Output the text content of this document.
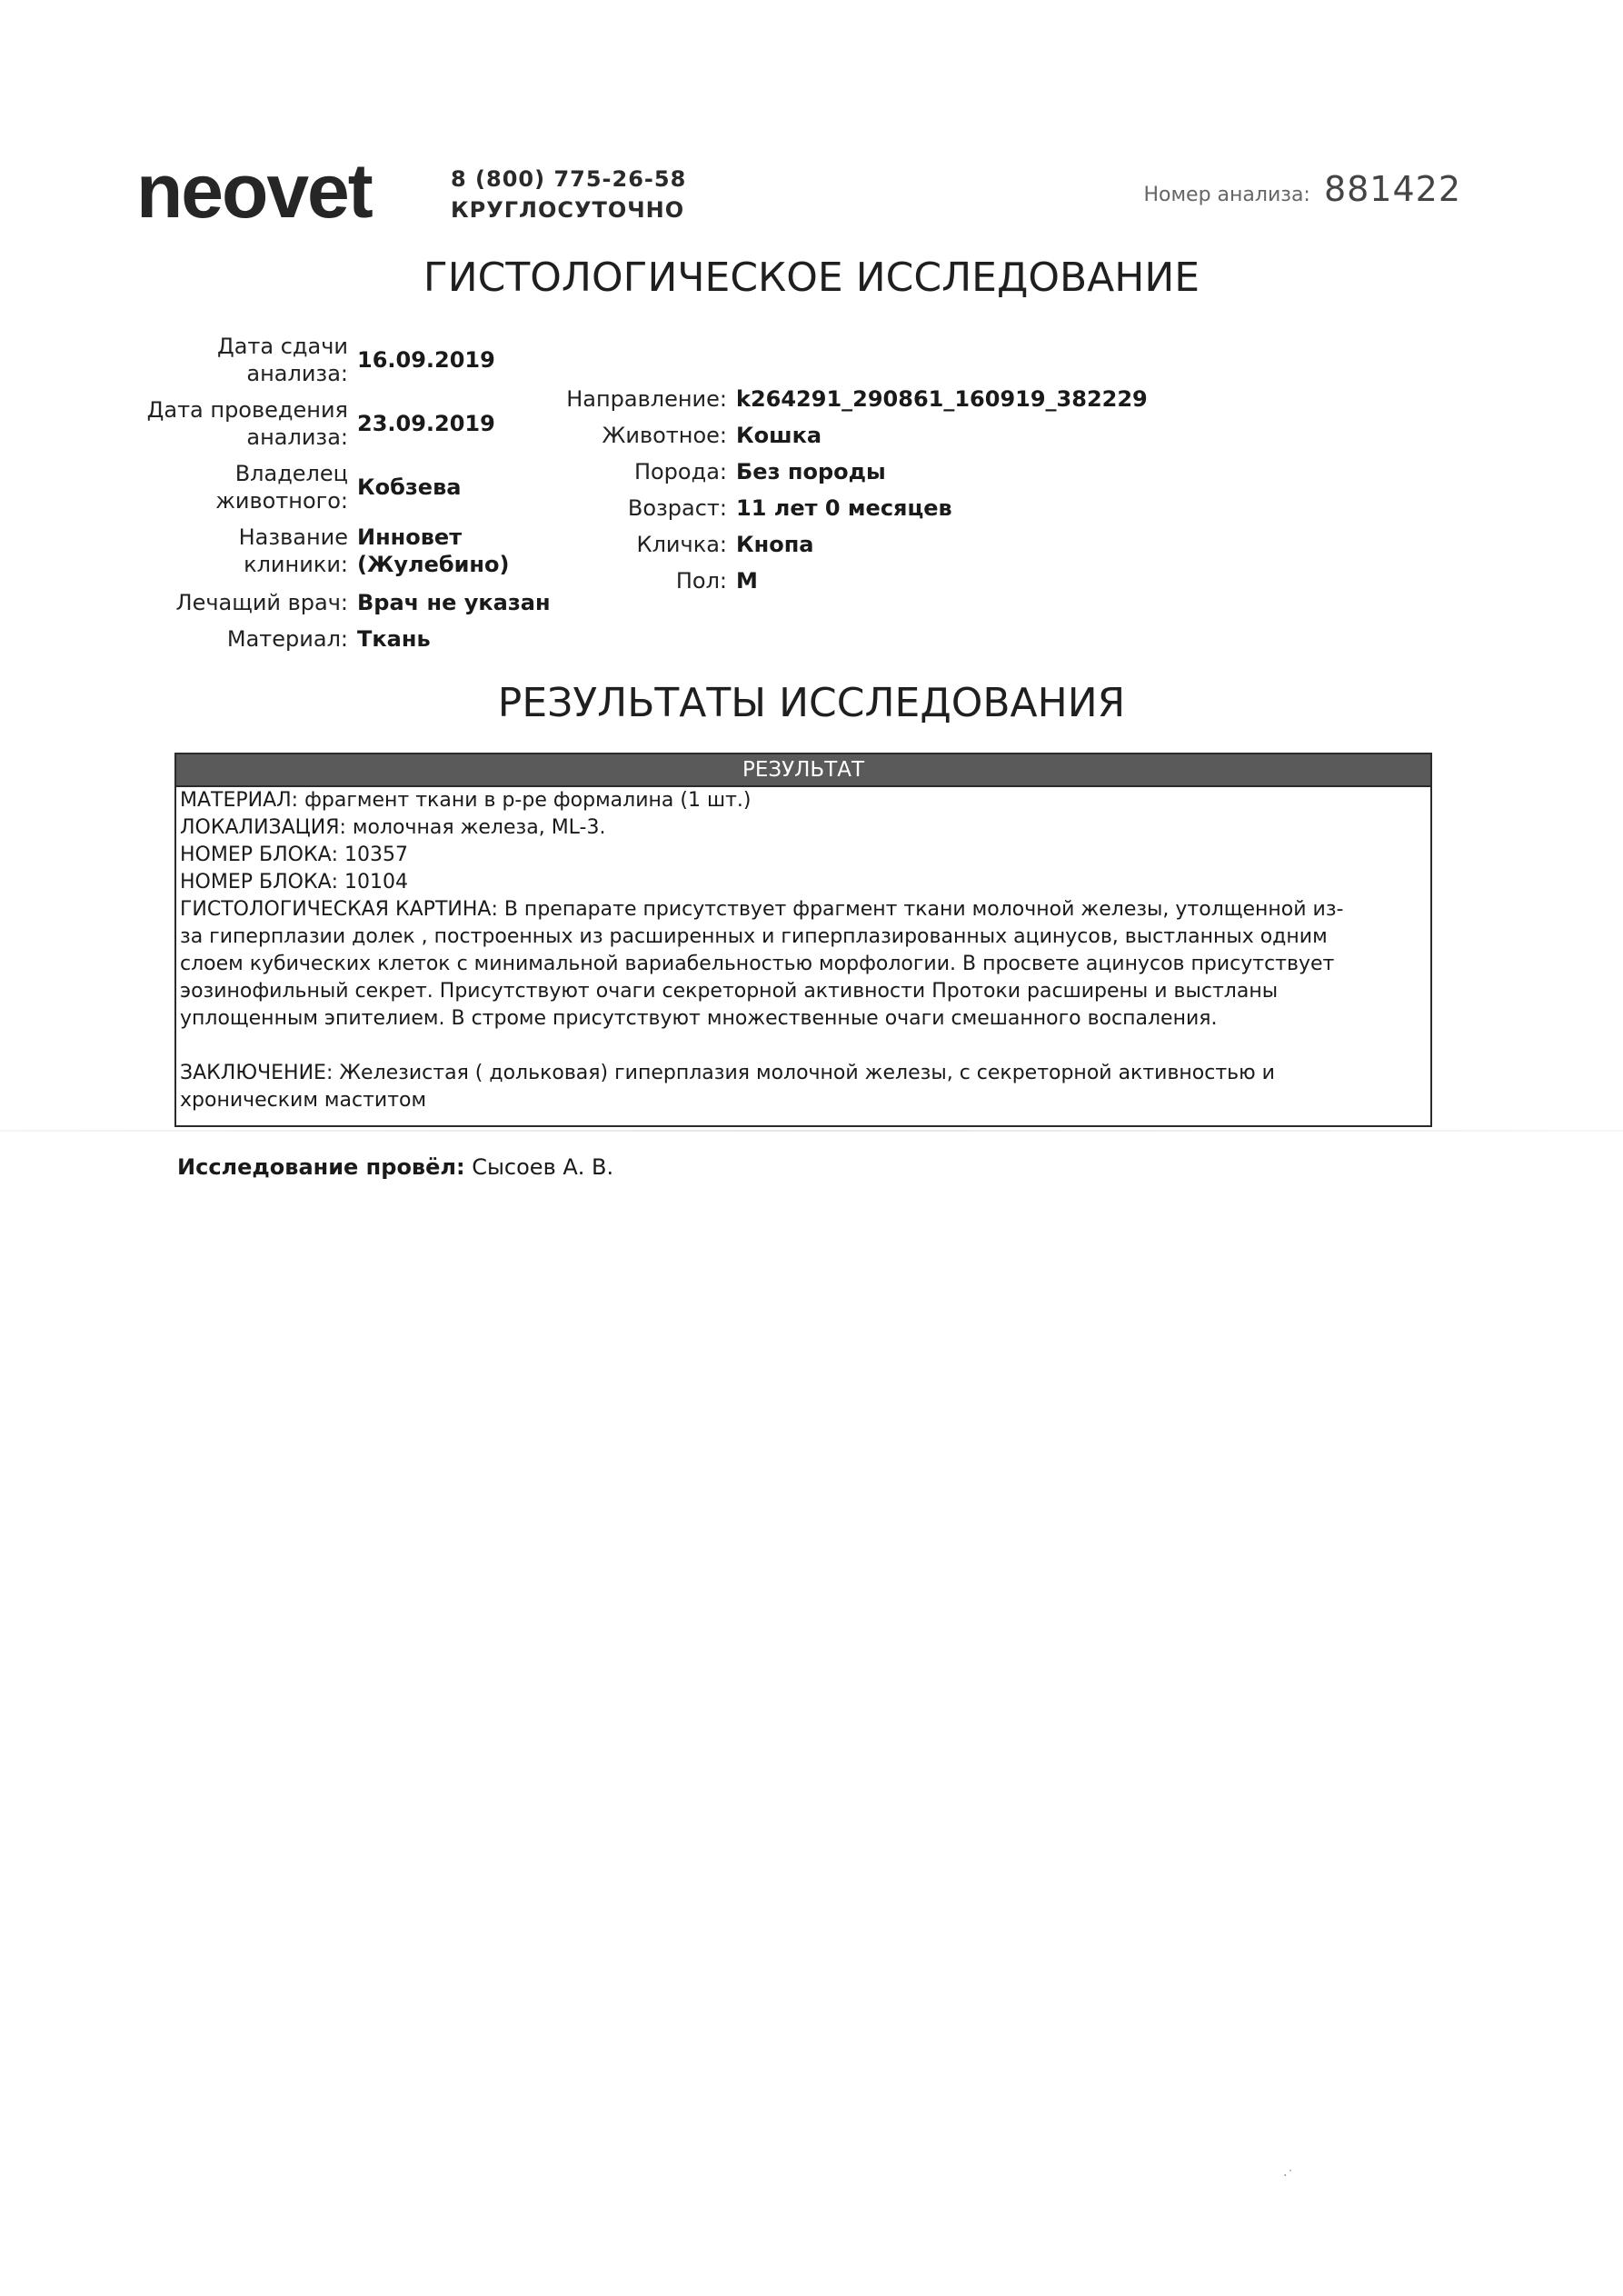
neovet	8 (800) 775-26-58
КРУГЛОСУТОЧНО
Номер анализа: 881422
ГИСТОЛОГИЧЕСКОЕ ИССЛЕДОВАНИЕ
Дата сдачи
анализа:
16.09.2019
Дата проведения
анализа:
23.09.2019
Владелец
животного:
Кобзева
Название
клиники:
Инновет
(Жулебино)
Лечащий врач: Врач не указан
Материал: Ткань
Направление: k264291_290861_160919_382229
Животное: Кошка
Порода: Без породы
Возраст: 11 лет 0 месяцев
Кличка: Кнопа
Пол: М
РЕЗУЛЬТАТЫ ИССЛЕДОВАНИЯ
РЕЗУЛЬТАТ

МАТЕРИАЛ: фрагмент ткани в р-ре формалина (1 шт.)

ЛОКАЛИЗАЦИЯ: молочная железа, ML-3.

НОМЕР БЛОКА: 10357

НОМЕР БЛОКА: 10104

ГИСТОЛОГИЧЕСКАЯ КАРТИНА: В препарате присутствует фрагмент ткани молочной железы, утолщенной из-

за гиперплазии долек , построенных из расширенных и гиперплазированных ацинусов, выстланных одним

слоем кубических клеток с минимальной вариабельностью морфологии. В просвете ацинусов присутствует

эозинофильный секрет. Присутствуют очаги секреторной активности Протоки расширены и выстланы

уплощенным эпителием. В строме присутствуют множественные очаги смешанного воспаления.

ЗАКЛЮЧЕНИЕ: Железистая ( дольковая) гиперплазия молочной железы, с секреторной активностью и

хроническим маститом

Исследование провёл: Сысоев А. В.
·˙
